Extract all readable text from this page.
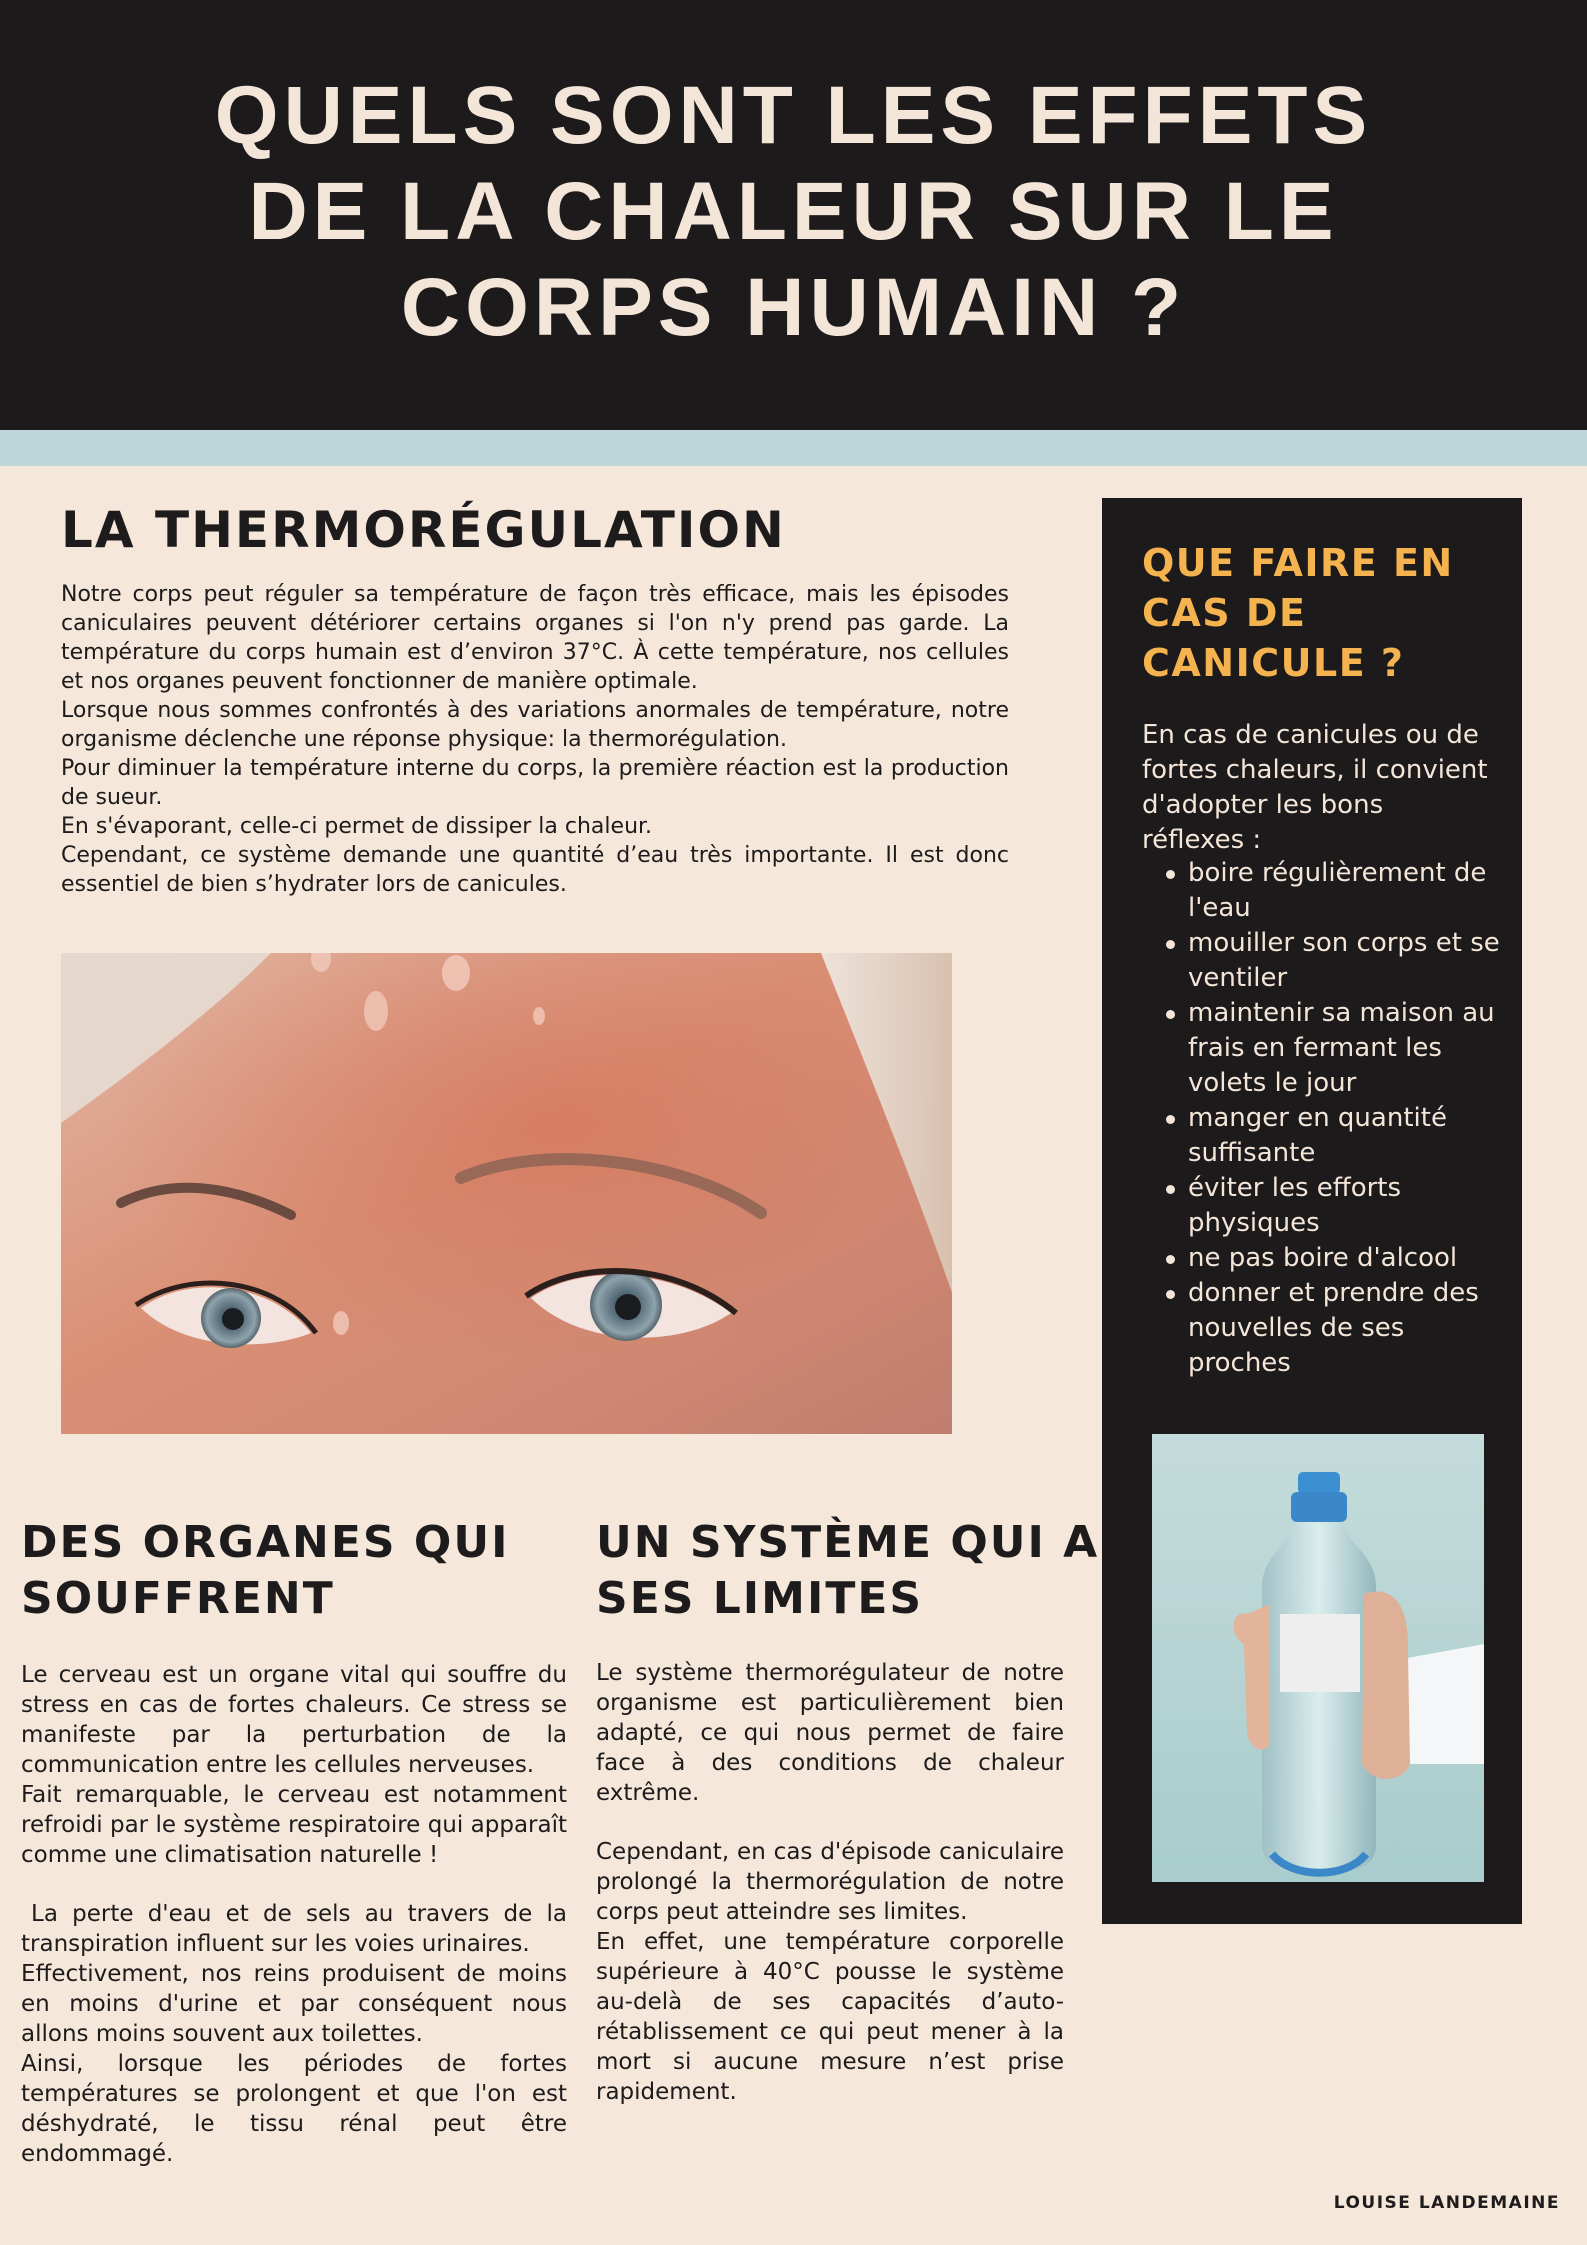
QUELS SONT LES EFFETS DE LA CHALEUR SUR LE CORPS HUMAIN ?
LA THERMORÉGULATION

Notre corps peut réguler sa température de façon très efficace, mais les épisodes caniculaires peuvent détériorer certains organes si l'on n'y prend pas garde. La température du corps humain est d’environ 37°C. À cette température, nos cellules et nos organes peuvent fonctionner de manière optimale.

Lorsque nous sommes confrontés à des variations anormales de température, notre organisme déclenche une réponse physique: la thermorégulation.

Pour diminuer la température interne du corps, la première réaction est la production de sueur.

En s'évaporant, celle-ci permet de dissiper la chaleur.

Cependant, ce système demande une quantité d’eau très importante. Il est donc essentiel de bien s’hydrater lors de canicules.

DES ORGANES QUI
SOUFFRENT

Le cerveau est un organe vital qui souffre du stress en cas de fortes chaleurs. Ce stress se manifeste par la perturbation de la communication entre les cellules nerveuses.

Fait remarquable, le cerveau est notamment refroidi par le système respiratoire qui apparaît comme une climatisation naturelle !

La perte d'eau et de sels au travers de la transpiration influent sur les voies urinaires.

Effectivement, nos reins produisent de moins en moins d'urine et par conséquent nous allons moins souvent aux toilettes.

Ainsi, lorsque les périodes de fortes températures se prolongent et que l'on est déshydraté, le tissu rénal peut être endommagé.

UN SYSTÈME QUI A
SES LIMITES

Le système thermorégulateur de notre organisme est particulièrement bien adapté, ce qui nous permet de faire face à des conditions de chaleur extrême.

Cependant, en cas d'épisode caniculaire prolongé la thermorégulation de notre corps peut atteindre ses limites.

En effet, une température corporelle supérieure à 40°C pousse le système au-delà de ses capacités d’auto-rétablissement ce qui peut mener à la mort si aucune mesure n’est prise rapidement.

QUE FAIRE EN CAS DE CANICULE ?

En cas de canicules ou de fortes chaleurs, il convient d'adopter les bons réflexes :

boire régulièrement de l'eau
mouiller son corps et se ventiler
maintenir sa maison au frais en fermant les volets le jour
manger en quantité suffisante
éviter les efforts physiques
ne pas boire d'alcool
donner et prendre des nouvelles de ses proches
LOUISE LANDEMAINE
